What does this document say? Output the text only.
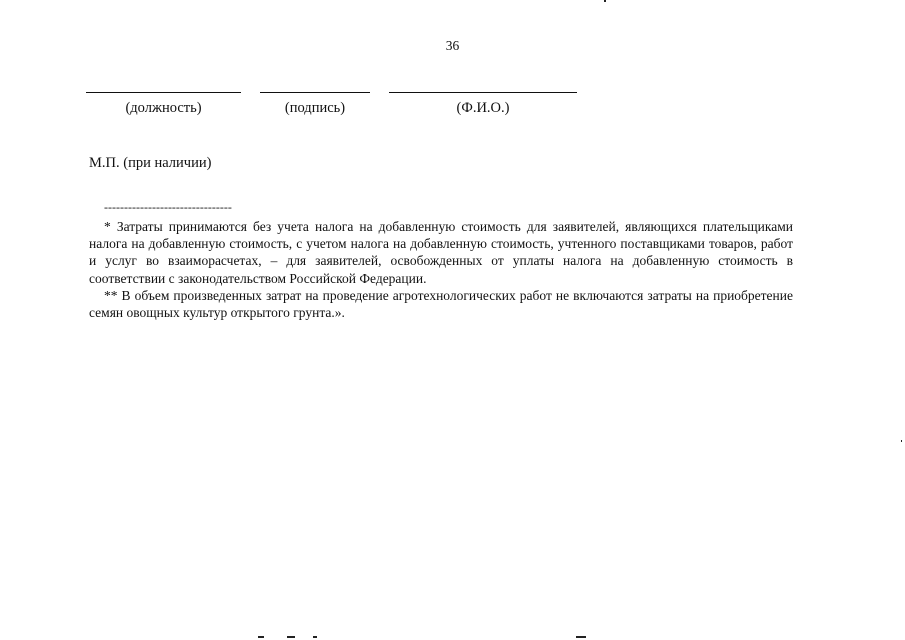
36
(должность)	(подпись)	(Ф.И.О.)
М.П. (при наличии)
--------------------------------

* Затраты принимаются без учета налога на добавленную стоимость для заявителей, являющихся плательщиками налога на добавленную стоимость, с учетом налога на добавленную стоимость, учтенного поставщиками товаров, работ и услуг во взаиморасчетах, – для заявителей, освобожденных от уплаты налога на добавленную стоимость в соответствии с законодательством Российской Федерации.

** В объем произведенных затрат на проведение агротехнологических работ не включаются затраты на приобретение семян овощных культур открытого грунта.».
